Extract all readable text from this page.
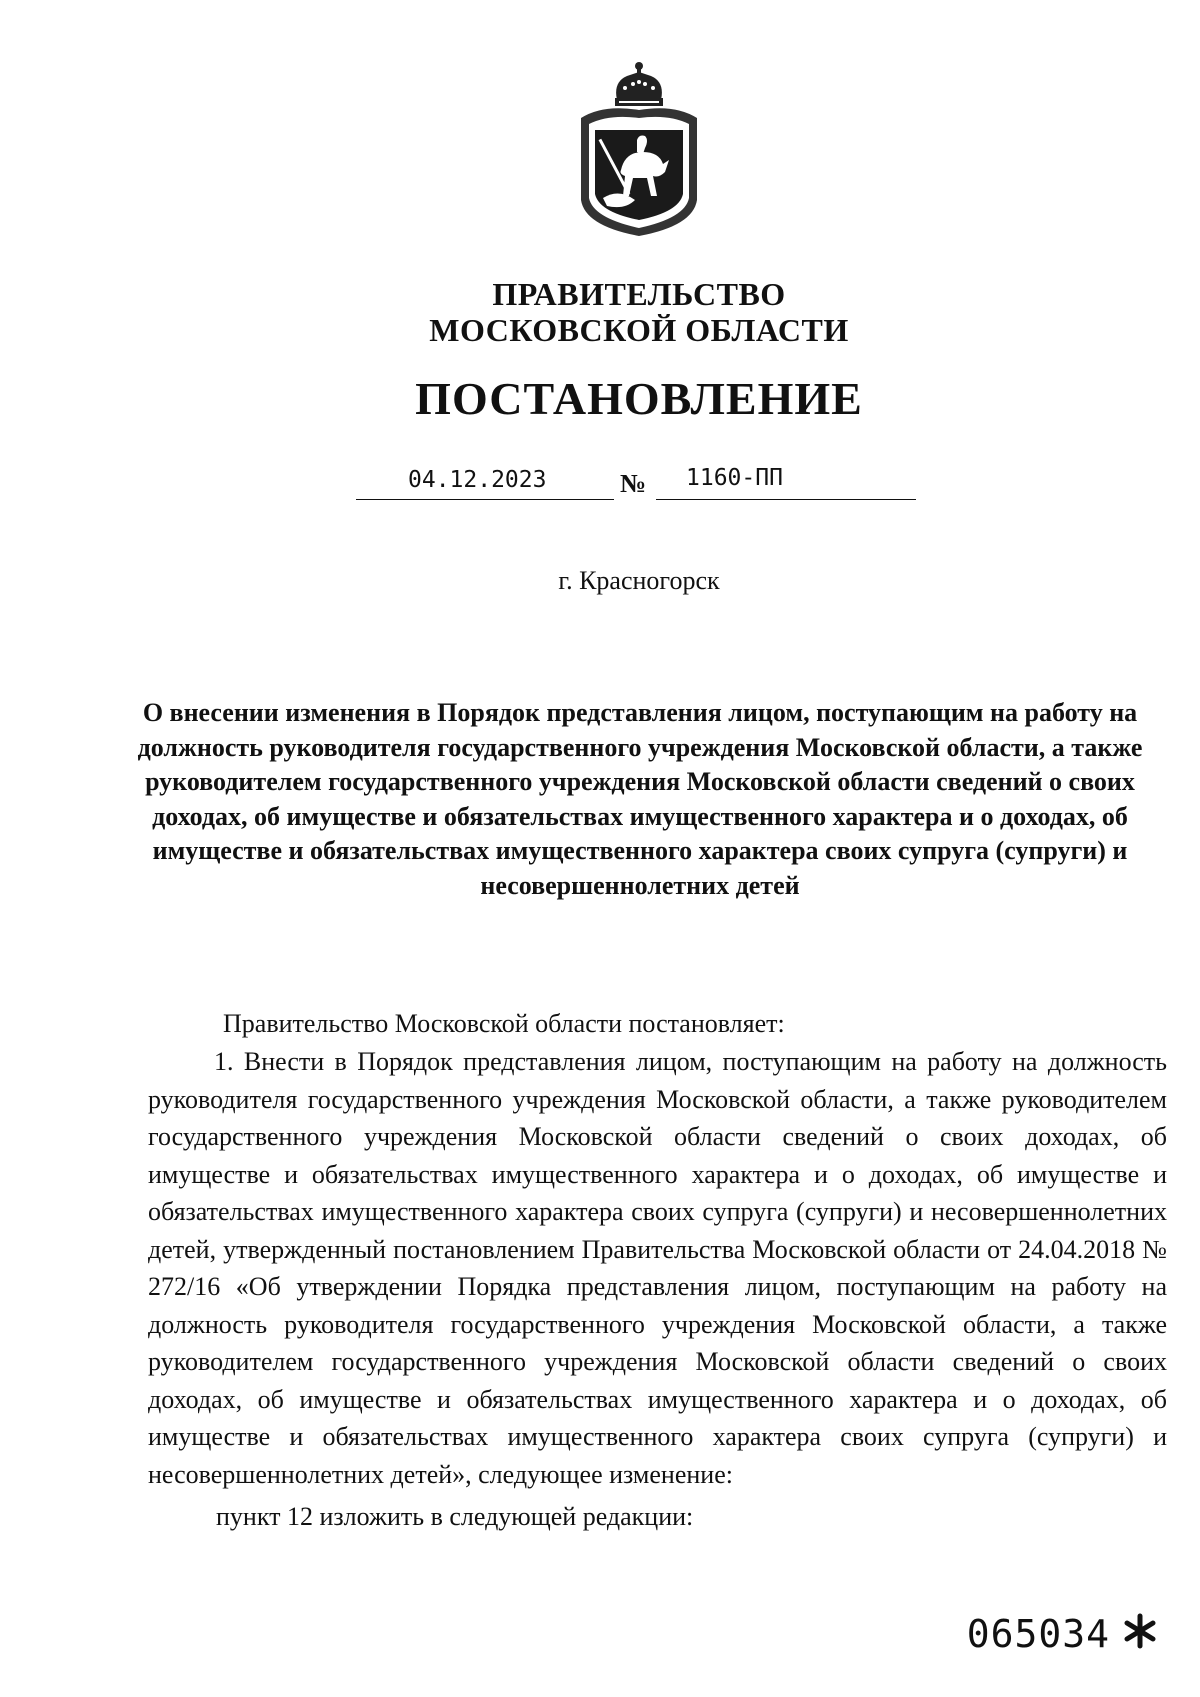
ПРАВИТЕЛЬСТВО
МОСКОВСКОЙ ОБЛАСТИ
ПОСТАНОВЛЕНИЕ
04.12.2023	№ 1160-ПП
г. Красногорск
О внесении изменения в Порядок представления лицом, поступающим на работу на должность руководителя государственного учреждения Московской области, а также руководителем государственного учреждения Московской области сведений о своих доходах, об имуществе и обязательствах имущественного характера и о доходах, об имуществе и обязательствах имущественного характера своих супруга (супруги) и несовершеннолетних детей
Правительство Московской области постановляет:
1. Внести в Порядок представления лицом, поступающим на работу на должность руководителя государственного учреждения Московской области, а также руководителем государственного учреждения Московской области сведений о своих доходах, об имуществе и обязательствах имущественного характера и о доходах, об имуществе и обязательствах имущественного характера своих супруга (супруги) и несовершеннолетних детей, утвержденный постановлением Правительства Московской области от 24.04.2018 № 272/16 «Об утверждении Порядка представления лицом, поступающим на работу на должность руководителя государственного учреждения Московской области, а также руководителем государственного учреждения Московской области сведений о своих доходах, об имуществе и обязательствах имущественного характера и о доходах, об имуществе и обязательствах имущественного характера своих супруга (супруги) и несовершеннолетних детей», следующее изменение:
пункт 12 изложить в следующей редакции:
065034
